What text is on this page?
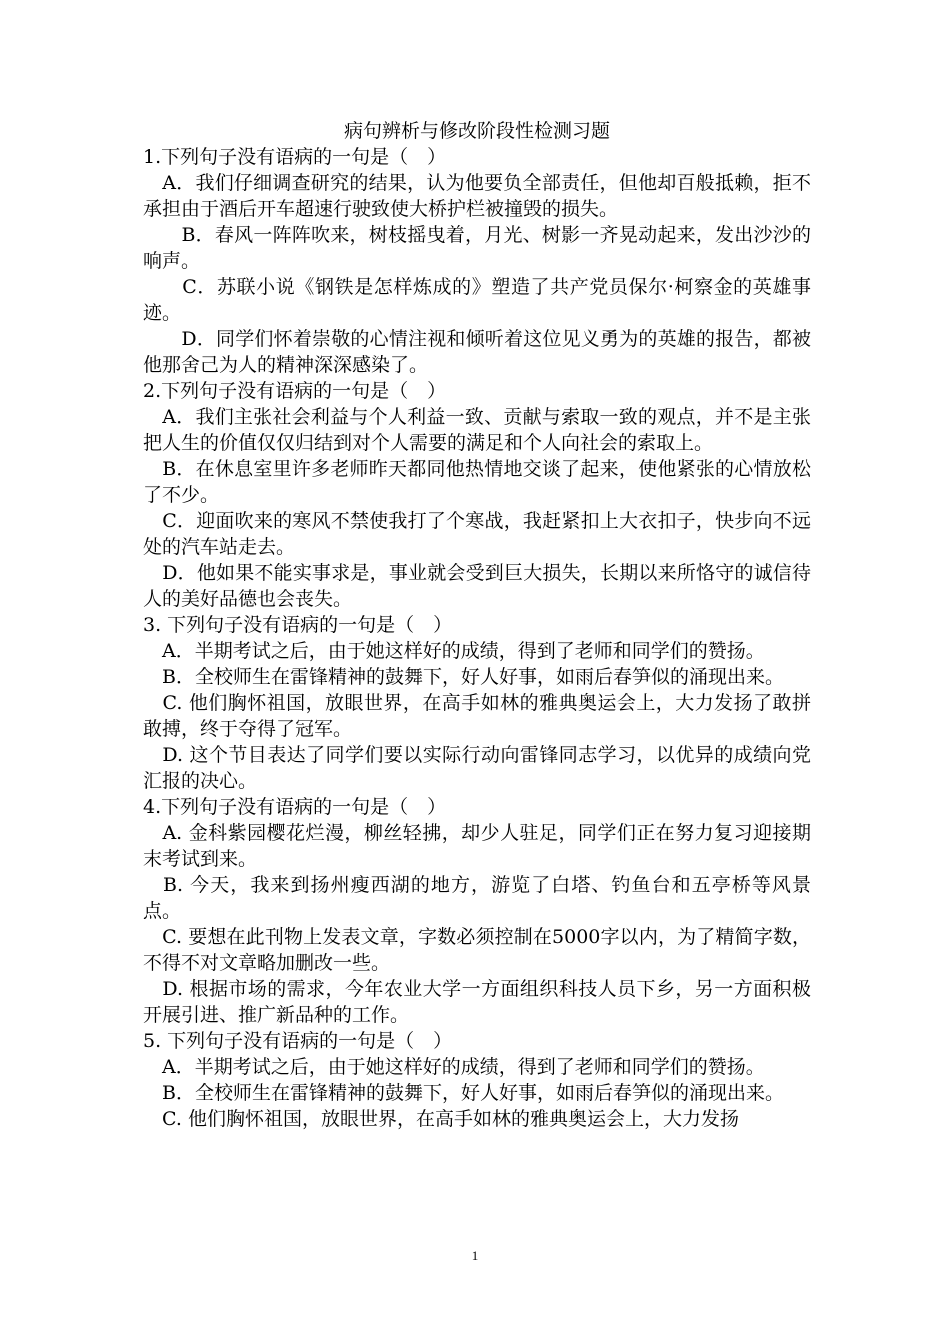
病句辨析与修改阶段性检测习题

1.下列句子没有语病的一句是（　）

　A．我们仔细调查研究的结果，认为他要负全部责任，但他却百般抵赖，拒不承担由于酒后开车超速行驶致使大桥护栏被撞毁的损失。

　　B．春风一阵阵吹来，树枝摇曳着，月光、树影一齐晃动起来，发出沙沙的响声。

　　C．苏联小说《钢铁是怎样炼成的》塑造了共产党员保尔·柯察金的英雄事迹。

　　D．同学们怀着崇敬的心情注视和倾听着这位见义勇为的英雄的报告，都被他那舍己为人的精神深深感染了。

2.下列句子没有语病的一句是（　）

　A．我们主张社会利益与个人利益一致、贡献与索取一致的观点，并不是主张把人生的价值仅仅归结到对个人需要的满足和个人向社会的索取上。

　B．在休息室里许多老师昨天都同他热情地交谈了起来，使他紧张的心情放松了不少。

　C．迎面吹来的寒风不禁使我打了个寒战，我赶紧扣上大衣扣子，快步向不远处的汽车站走去。

　D．他如果不能实事求是，事业就会受到巨大损失，长期以来所恪守的诚信待人的美好品德也会丧失。

3. 下列句子没有语病的一句是（　）

　A．半期考试之后，由于她这样好的成绩，得到了老师和同学们的赞扬。

　B．全校师生在雷锋精神的鼓舞下，好人好事，如雨后春笋似的涌现出来。

　C. 他们胸怀祖国，放眼世界，在高手如林的雅典奥运会上，大力发扬了敢拼敢搏，终于夺得了冠军。

　D. 这个节目表达了同学们要以实际行动向雷锋同志学习，以优异的成绩向党汇报的决心。

4.下列句子没有语病的一句是（　）

　A. 金科紫园樱花烂漫，柳丝轻拂，却少人驻足，同学们正在努力复习迎接期末考试到来。

　B. 今天，我来到扬州瘦西湖的地方，游览了白塔、钓鱼台和五亭桥等风景点。

　C. 要想在此刊物上发表文章，字数必须控制在5000字以内，为了精简字数，不得不对文章略加删改一些。

　D. 根据市场的需求，今年农业大学一方面组织科技人员下乡，另一方面积极开展引进、推广新品种的工作。

5. 下列句子没有语病的一句是（　）

　A．半期考试之后，由于她这样好的成绩，得到了老师和同学们的赞扬。

　B．全校师生在雷锋精神的鼓舞下，好人好事，如雨后春笋似的涌现出来。

　C. 他们胸怀祖国，放眼世界，在高手如林的雅典奥运会上，大力发扬

1
